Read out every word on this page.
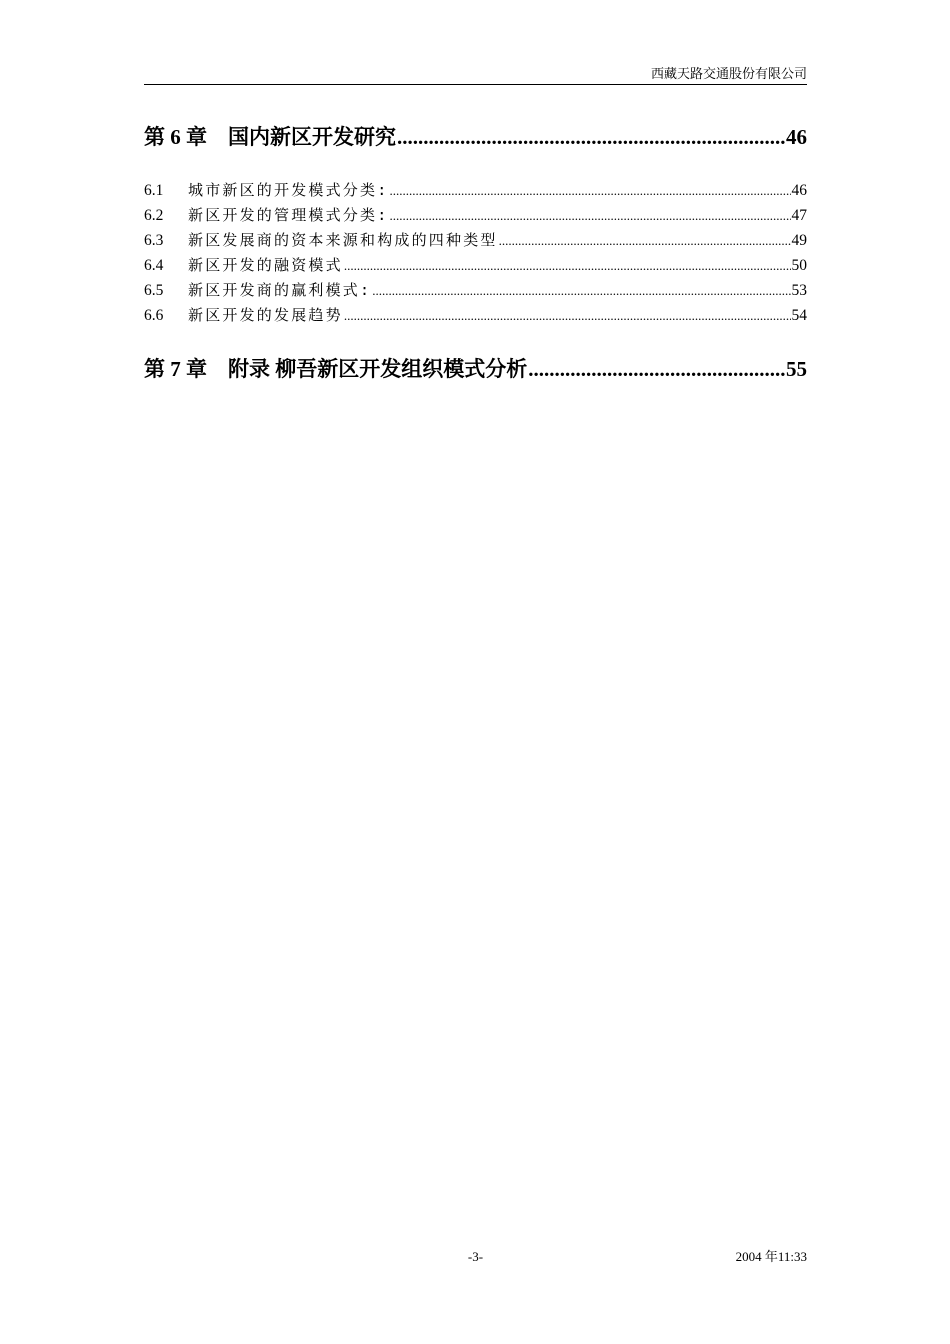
西藏天路交通股份有限公司
第 6 章	国内新区开发研究 .....	46
6.1	城市新区的开发模式分类: .....	46
6.2	新区开发的管理模式分类: .....	47
6.3	新区发展商的资本来源和构成的四种类型 .....	49
6.4	新区开发的融资模式 .....	50
6.5	新区开发商的赢利模式: .....	53
6.6	新区开发的发展趋势 .....	54
第 7 章	附录 柳吾新区开发组织模式分析 .....	55
-3-	2004 年11:33
